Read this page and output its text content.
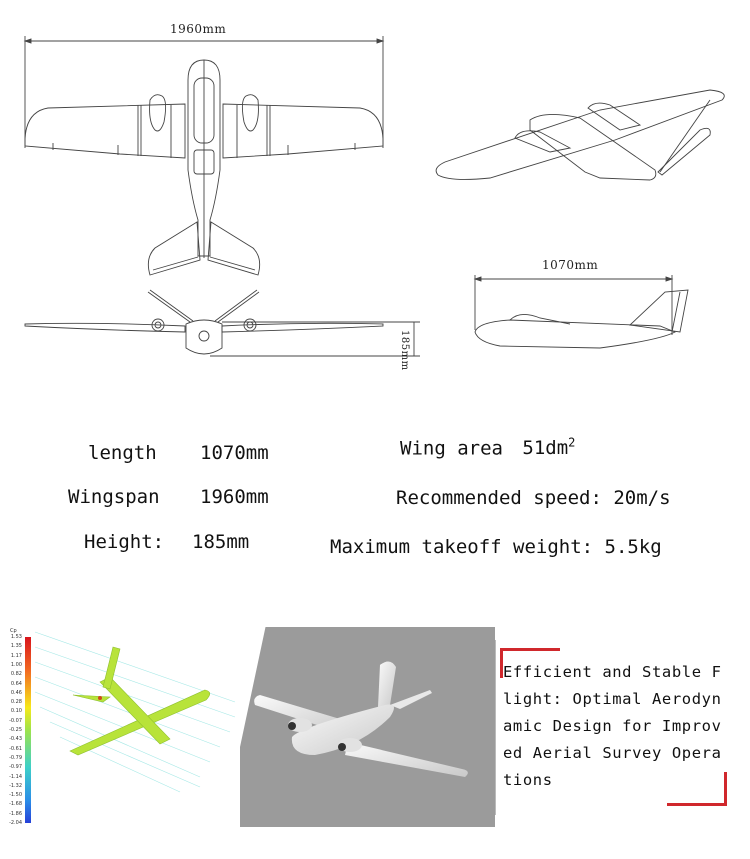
1960mm
185mm
1070mm
length 1070mm
Wingspan 1960mm
Height: 185mm
Wing area $51dm^2$
Recommended speed: 20m/s
Maximum takeoff weight: 5.5kg
Cp
1.53
1.35
1.17
1.00
0.82
0.64
0.46
0.28
0.10
-0.07
-0.25
-0.43
-0.61
-0.79
-0.97
-1.14
-1.32
-1.50
-1.68
-1.86
-2.04
Efficient and Stable F
light: Optimal Aerodyn
amic Design for Improv
ed Aerial Survey Opera
tions
